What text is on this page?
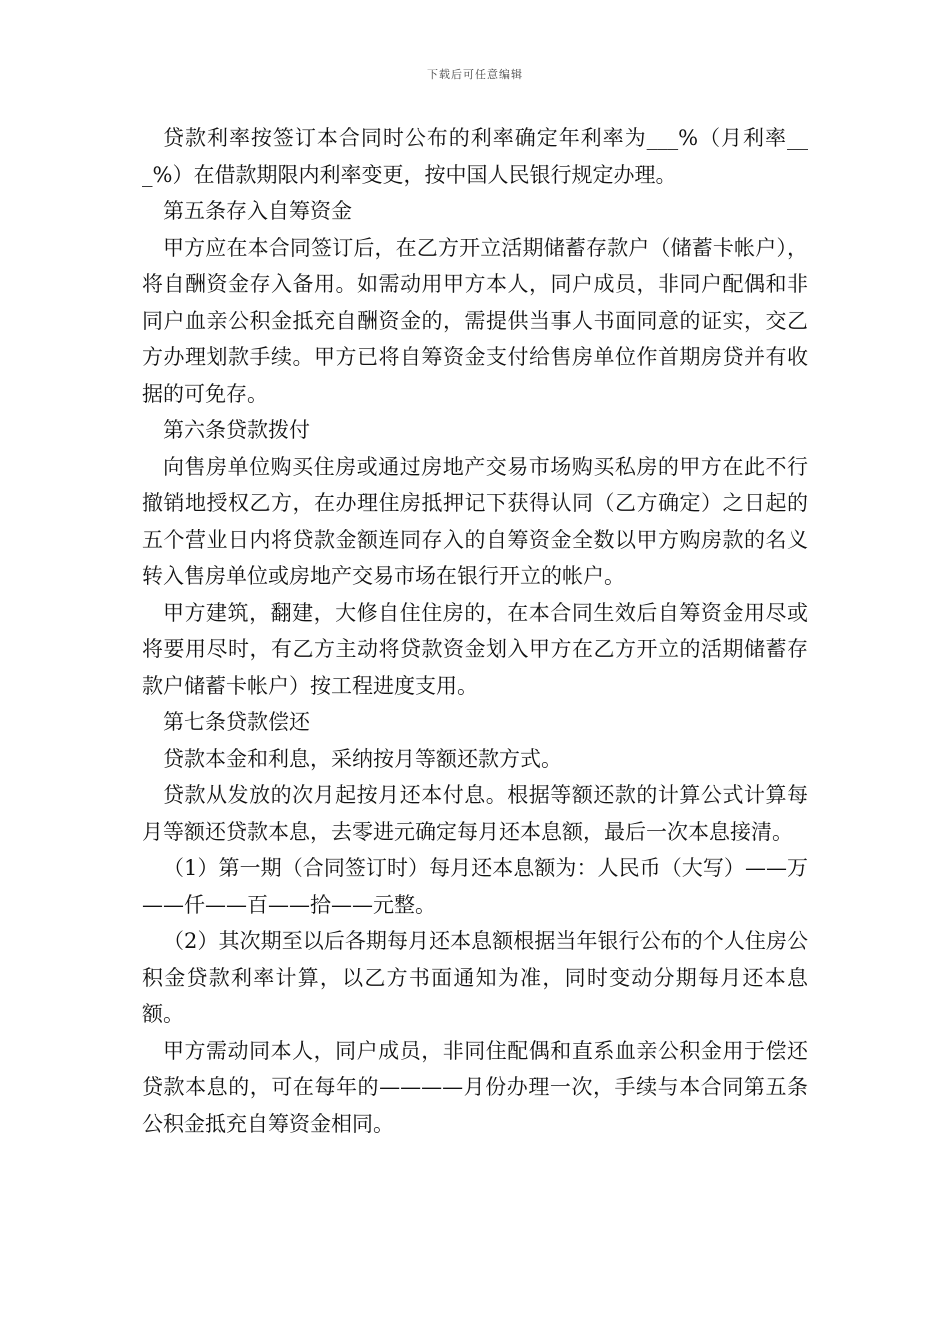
下载后可任意编辑

贷款利率按签订本合同时公布的利率确定年利率为___%（月利率___%）在借款期限内利率变更，按中国人民银行规定办理。

第五条存入自筹资金

甲方应在本合同签订后，在乙方开立活期储蓄存款户（储蓄卡帐户），将自酬资金存入备用。如需动用甲方本人，同户成员，非同户配偶和非同户血亲公积金抵充自酬资金的，需提供当事人书面同意的证实，交乙方办理划款手续。甲方已将自筹资金支付给售房单位作首期房贷并有收据的可免存。

第六条贷款拨付

向售房单位购买住房或通过房地产交易市场购买私房的甲方在此不行撤销地授权乙方，在办理住房抵押记下获得认同（乙方确定）之日起的五个营业日内将贷款金额连同存入的自筹资金全数以甲方购房款的名义转入售房单位或房地产交易市场在银行开立的帐户。

甲方建筑，翻建，大修自住住房的，在本合同生效后自筹资金用尽或将要用尽时，有乙方主动将贷款资金划入甲方在乙方开立的活期储蓄存款户储蓄卡帐户）按工程进度支用。

第七条贷款偿还

贷款本金和利息，采纳按月等额还款方式。

贷款从发放的次月起按月还本付息。根据等额还款的计算公式计算每月等额还贷款本息，去零进元确定每月还本息额，最后一次本息接清。

（1）第一期（合同签订时）每月还本息额为：人民币（大写）——万——仟——百——拾——元整。

（2）其次期至以后各期每月还本息额根据当年银行公布的个人住房公积金贷款利率计算，以乙方书面通知为准，同时变动分期每月还本息额。

甲方需动同本人，同户成员，非同住配偶和直系血亲公积金用于偿还贷款本息的，可在每年的————月份办理一次，手续与本合同第五条公积金抵充自筹资金相同。
